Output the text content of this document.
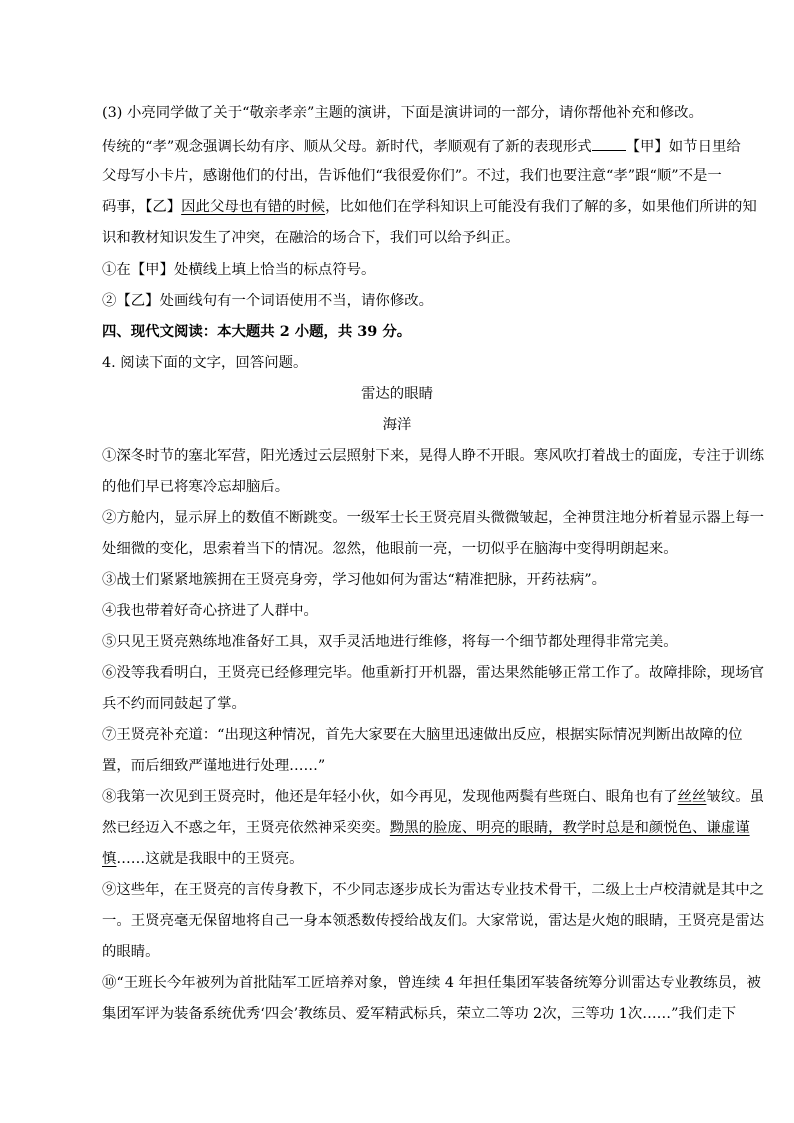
(3) 小亮同学做了关于“敬亲孝亲”主题的演讲，下面是演讲词的一部分，请你帮他补充和修改。
传统的“孝”观念强调长幼有序、顺从父母。新时代，孝顺观有了新的表现形式 【甲】如节日里给
父母写小卡片，感谢他们的付出，告诉他们“我很爱你们”。不过，我们也要注意“孝”跟“顺”不是一
码事，【乙】因此父母也有错的时候，比如他们在学科知识上可能没有我们了解的多，如果他们所讲的知
识和教材知识发生了冲突，在融洽的场合下，我们可以给予纠正。
①在【甲】处横线上填上恰当的标点符号。
②【乙】处画线句有一个词语使用不当，请你修改。
四、现代文阅读：本大题共 2 小题，共 39 分。
4. 阅读下面的文字，回答问题。
雷达的眼睛
海洋
①深冬时节的塞北军营，阳光透过云层照射下来，晃得人睁不开眼。寒风吹打着战士的面庞，专注于训练
的他们早已将寒冷忘却脑后。
②方舱内，显示屏上的数值不断跳变。一级军士长王贤亮眉头微微皱起，全神贯注地分析着显示器上每一
处细微的变化，思索着当下的情况。忽然，他眼前一亮，一切似乎在脑海中变得明朗起来。
③战士们紧紧地簇拥在王贤亮身旁，学习他如何为雷达“精准把脉，开药祛病”。
④我也带着好奇心挤进了人群中。
⑤只见王贤亮熟练地准备好工具，双手灵活地进行维修，将每一个细节都处理得非常完美。
⑥没等我看明白，王贤亮已经修理完毕。他重新打开机器，雷达果然能够正常工作了。故障排除，现场官
兵不约而同鼓起了掌。
⑦王贤亮补充道：“出现这种情况，首先大家要在大脑里迅速做出反应，根据实际情况判断出故障的位
置，而后细致严谨地进行处理……”
⑧我第一次见到王贤亮时，他还是年轻小伙，如今再见，发现他两鬓有些斑白、眼角也有了丝丝皱纹。虽
然已经迈入不惑之年，王贤亮依然神采奕奕。黝黑的脸庞、明亮的眼睛，教学时总是和颜悦色、谦虚谨
慎……这就是我眼中的王贤亮。
⑨这些年，在王贤亮的言传身教下，不少同志逐步成长为雷达专业技术骨干，二级上士卢校清就是其中之
一。王贤亮毫无保留地将自己一身本领悉数传授给战友们。大家常说，雷达是火炮的眼睛，王贤亮是雷达
的眼睛。
⑩“王班长今年被列为首批陆军工匠培养对象，曾连续 4 年担任集团军装备统筹分训雷达专业教练员，被
集团军评为装备系统优秀‘四会’教练员、爱军精武标兵，荣立二等功 2次，三等功 1次……”我们走下
